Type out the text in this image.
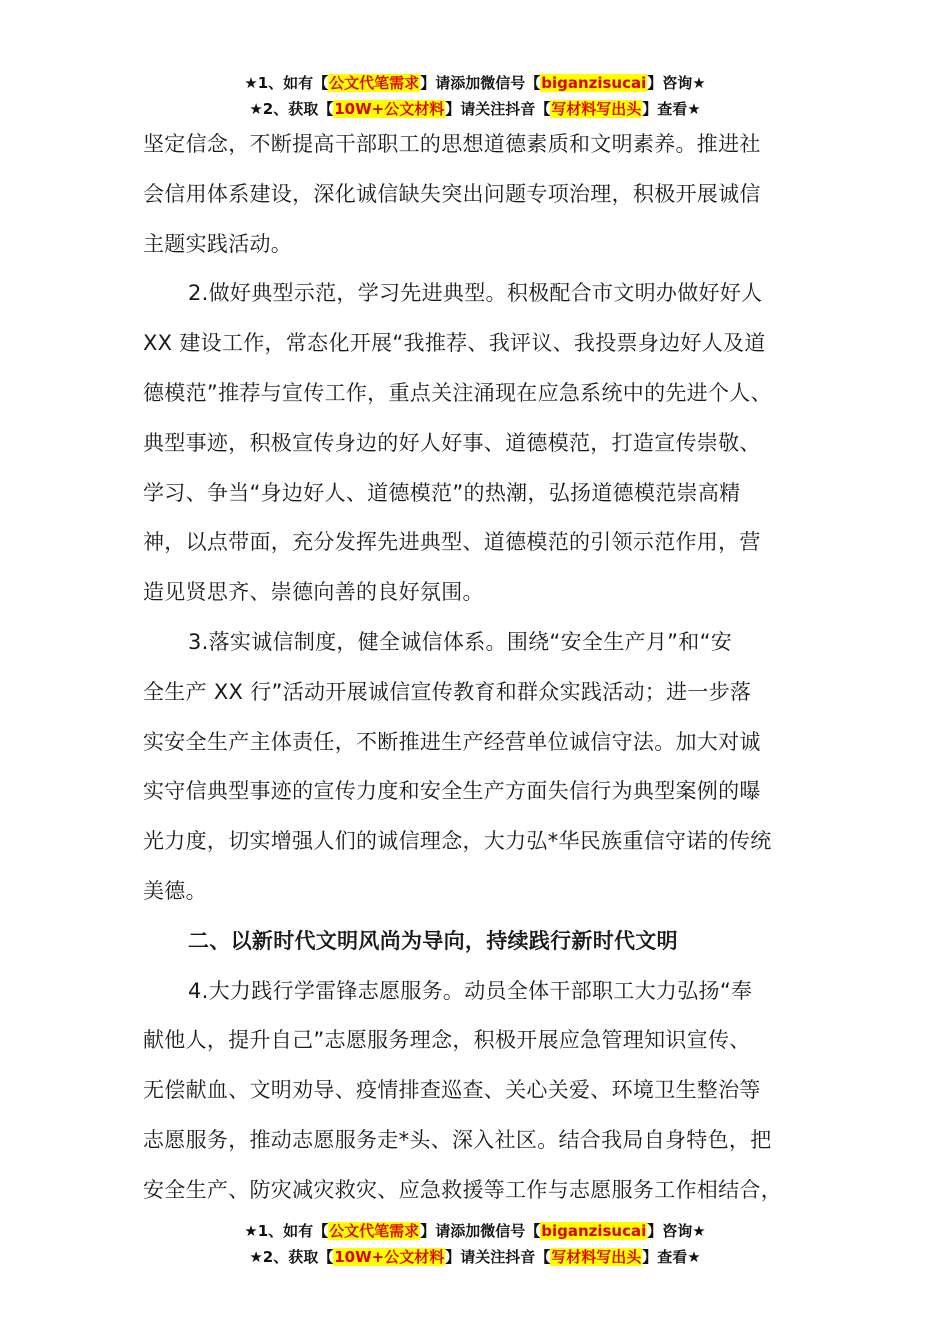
★1、如有【公文代笔需求】请添加微信号【biganzisucai】咨询★
★2、获取【10W+公文材料】请关注抖音【写材料写出头】查看★
坚定信念，不断提高干部职工的思想道德素质和文明素养。推进社
会信用体系建设，深化诚信缺失突出问题专项治理，积极开展诚信
主题实践活动。
2.做好典型示范，学习先进典型。积极配合市文明办做好好人
XX 建设工作，常态化开展“我推荐、我评议、我投票身边好人及道
德模范”推荐与宣传工作，重点关注涌现在应急系统中的先进个人、
典型事迹，积极宣传身边的好人好事、道德模范，打造宣传崇敬、
学习、争当“身边好人、道德模范”的热潮，弘扬道德模范崇高精
神，以点带面，充分发挥先进典型、道德模范的引领示范作用，营
造见贤思齐、崇德向善的良好氛围。
3.落实诚信制度，健全诚信体系。围绕“安全生产月”和“安
全生产 XX 行”活动开展诚信宣传教育和群众实践活动；进一步落
实安全生产主体责任，不断推进生产经营单位诚信守法。加大对诚
实守信典型事迹的宣传力度和安全生产方面失信行为典型案例的曝
光力度，切实增强人们的诚信理念，大力弘*华民族重信守诺的传统
美德。
二、以新时代文明风尚为导向，持续践行新时代文明
4.大力践行学雷锋志愿服务。动员全体干部职工大力弘扬“奉
献他人，提升自己”志愿服务理念，积极开展应急管理知识宣传、
无偿献血、文明劝导、疫情排查巡查、关心关爱、环境卫生整治等
志愿服务，推动志愿服务走*头、深入社区。结合我局自身特色，把
安全生产、防灾减灾救灾、应急救援等工作与志愿服务工作相结合，
★1、如有【公文代笔需求】请添加微信号【biganzisucai】咨询★
★2、获取【10W+公文材料】请关注抖音【写材料写出头】查看★
